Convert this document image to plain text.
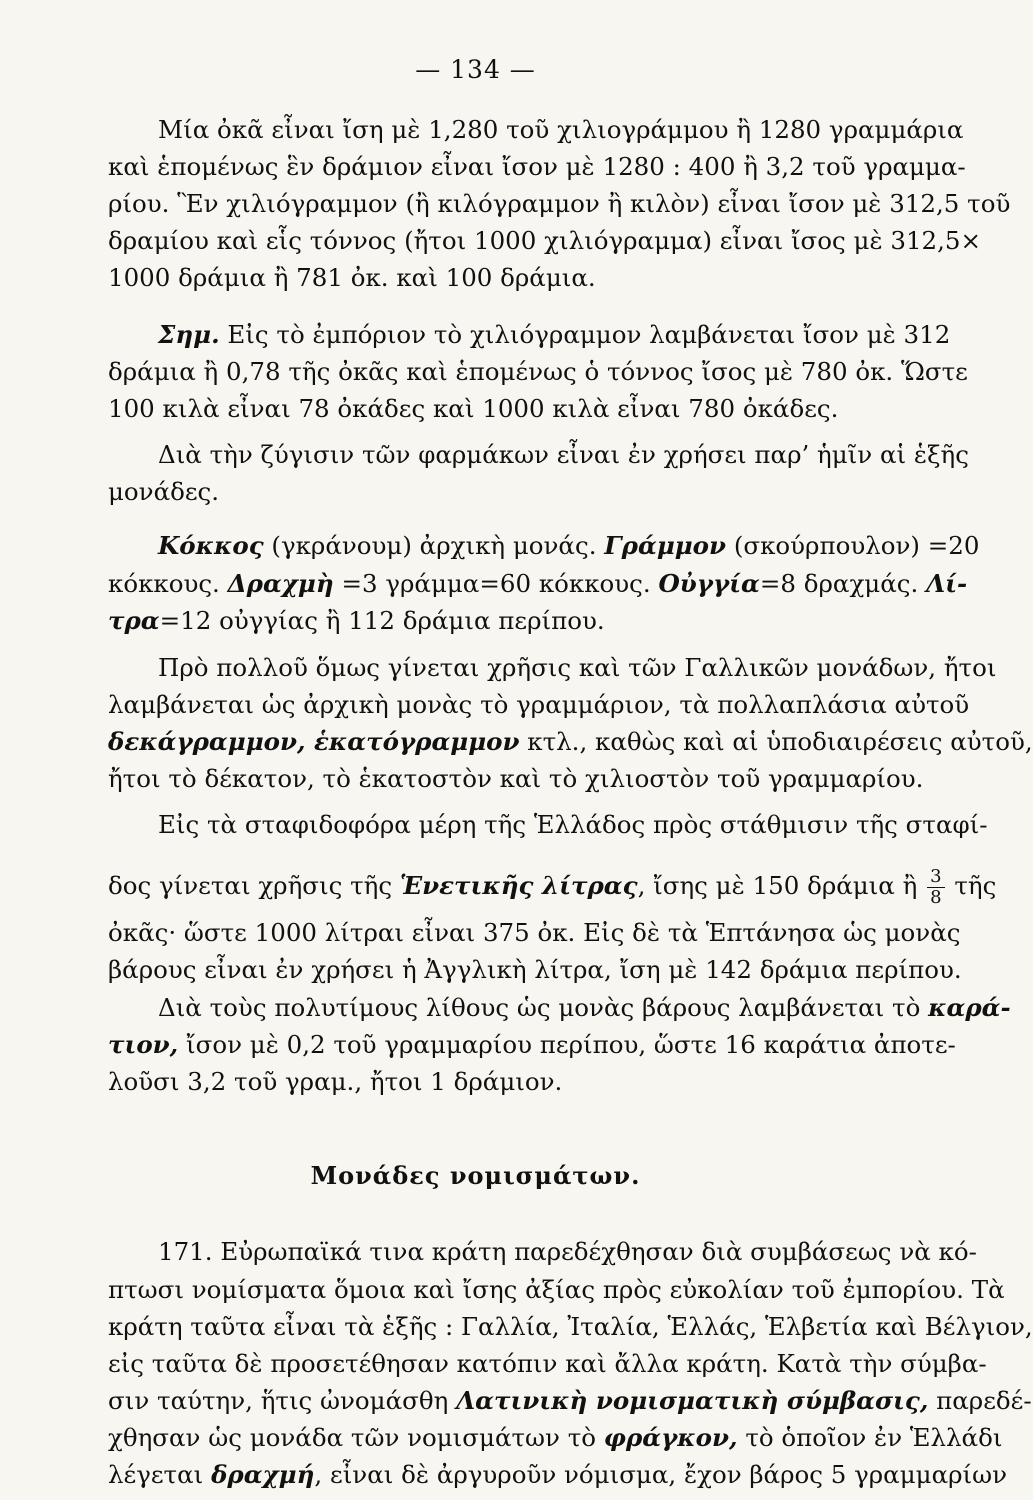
— 134 —
Μία ὀκᾶ εἶναι ἴση μὲ 1,280 τοῦ χιλιογράμμου ἢ 1280 γραμμάρια
καὶ ἑπομένως ἓν δράμιον εἶναι ἴσον μὲ 1280 : 400 ἢ 3,2 τοῦ γραμμα-
ρίου. Ἓν χιλιόγραμμον (ἢ κιλόγραμμον ἢ κιλὸν) εἶναι ἴσον μὲ 312,5 τοῦ
δραμίου καὶ εἷς τόννος (ἤτοι 1000 χιλιόγραμμα) εἶναι ἴσος μὲ 312,5×
1000 δράμια ἢ 781 ὀκ. καὶ 100 δράμια.
Σημ. Εἰς τὸ ἐμπόριον τὸ χιλιόγραμμον λαμβάνεται ἴσον μὲ 312
δράμια ἢ 0,78 τῆς ὀκᾶς καὶ ἑπομένως ὁ τόννος ἴσος μὲ 780 ὀκ. Ὥστε
100 κιλὰ εἶναι 78 ὀκάδες καὶ 1000 κιλὰ εἶναι 780 ὀκάδες.
Διὰ τὴν ζύγισιν τῶν φαρμάκων εἶναι ἐν χρήσει παρ’ ἡμῖν αἱ ἑξῆς
μονάδες.
Κόκκος (γκράνουμ) ἀρχικὴ μονάς. Γράμμον (σκούρπουλον) =20
κόκκους. Δραχμὴ =3 γράμμα=60 κόκκους. Οὐγγία=8 δραχμάς. Λί-
τρα=12 οὐγγίας ἢ 112 δράμια περίπου.
Πρὸ πολλοῦ ὅμως γίνεται χρῆσις καὶ τῶν Γαλλικῶν μονάδων, ἤτοι
λαμβάνεται ὡς ἀρχικὴ μονὰς τὸ γραμμάριον, τὰ πολλαπλάσια αὐτοῦ
δεκάγραμμον, ἑκατόγραμμον κτλ., καθὼς καὶ αἱ ὑποδιαιρέσεις αὐτοῦ,
ἤτοι τὸ δέκατον, τὸ ἑκατοστὸν καὶ τὸ χιλιοστὸν τοῦ γραμμαρίου.
Εἰς τὰ σταφιδοφόρα μέρη τῆς Ἑλλάδος πρὸς στάθμισιν τῆς σταφί-
δος γίνεται χρῆσις τῆς Ἑνετικῆς λίτρας, ἴσης μὲ 150 δράμια ἢ $\frac{3}{8}$ τῆς
ὀκᾶς· ὥστε 1000 λίτραι εἶναι 375 ὀκ. Εἰς δὲ τὰ Ἑπτάνησα ὡς μονὰς
βάρους εἶναι ἐν χρήσει ἡ Ἀγγλικὴ λίτρα, ἴση μὲ 142 δράμια περίπου.
Διὰ τοὺς πολυτίμους λίθους ὡς μονὰς βάρους λαμβάνεται τὸ καρά-
τιον, ἴσον μὲ 0,2 τοῦ γραμμαρίου περίπου, ὥστε 16 καράτια ἀποτε-
λοῦσι 3,2 τοῦ γραμ., ἤτοι 1 δράμιον.
Μονάδες νομισμάτων.
171. Εὐρωπαϊκά τινα κράτη παρεδέχθησαν διὰ συμβάσεως νὰ κό-
πτωσι νομίσματα ὅμοια καὶ ἴσης ἀξίας πρὸς εὐκολίαν τοῦ ἐμπορίου. Τὰ
κράτη ταῦτα εἶναι τὰ ἑξῆς : Γαλλία, Ἰταλία, Ἑλλάς, Ἑλβετία καὶ Βέλγιον,
εἰς ταῦτα δὲ προσετέθησαν κατόπιν καὶ ἄλλα κράτη. Κατὰ τὴν σύμβα-
σιν ταύτην, ἥτις ὠνομάσθη Λατινικὴ νομισματικὴ σύμβασις, παρεδέ-
χθησαν ὡς μονάδα τῶν νομισμάτων τὸ φράγκον, τὸ ὁποῖον ἐν Ἑλλάδι
λέγεται δραχμή, εἶναι δὲ ἀργυροῦν νόμισμα, ἔχον βάρος 5 γραμμαρίων
